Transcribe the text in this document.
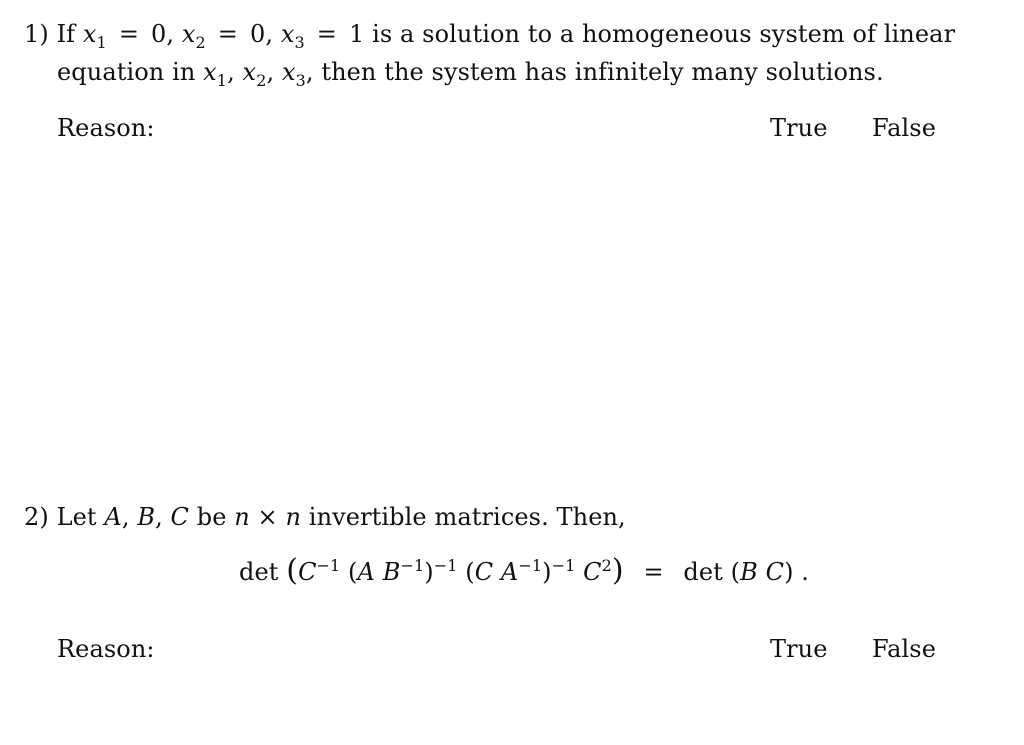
1) If $x_1 = 0$, $x_2 = 0$, $x_3 = 1$ is a solution to a homogeneous system of linear
equation in $x_1$, $x_2$, $x_3$, then the system has infinitely many solutions.
Reason:	True False
2) Let A, B, C be n × n invertible matrices. Then,
$\det (C^{-1}$ (A $B^{-1})^{-1}$ (C $A^{-1})^{-1}$ $C^2) = \det (B$ C) .
Reason:	True False
